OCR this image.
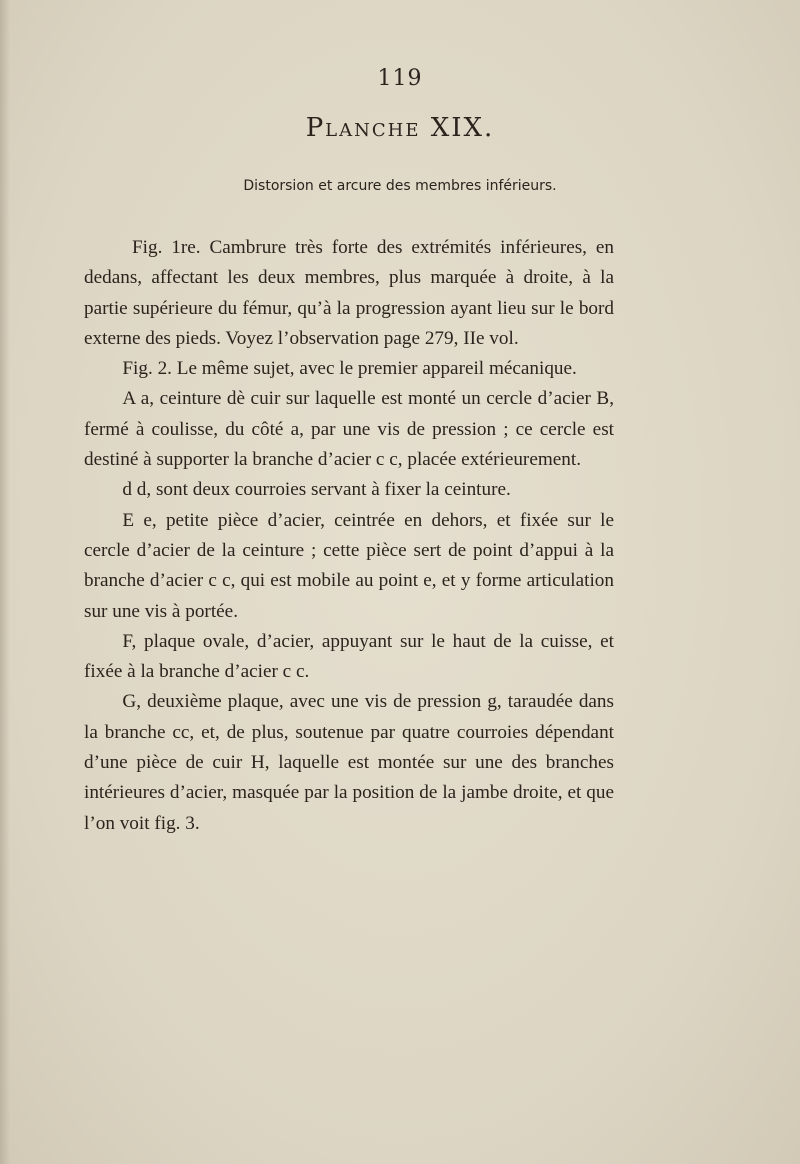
119
Planche XIX.
Distorsion et arcure des membres inférieurs.

Fig. 1re. Cambrure très forte des extrémités inférieures, en dedans, affectant les deux membres, plus marquée à droite, à la partie supérieure du fémur, qu’à la progression ayant lieu sur le bord externe des pieds. Voyez l’observation page 279, IIe vol.

Fig. 2. Le même sujet, avec le premier appareil mécanique.

A a, ceinture dè cuir sur laquelle est monté un cercle d’acier B, fermé à coulisse, du côté a, par une vis de pression ; ce cercle est destiné à supporter la branche d’acier c c, placée extérieurement.

d d, sont deux courroies servant à fixer la ceinture.

E e, petite pièce d’acier, ceintrée en dehors, et fixée sur le cercle d’acier de la ceinture ; cette pièce sert de point d’appui à la branche d’acier c c, qui est mobile au point e, et y forme articulation sur une vis à portée.

F, plaque ovale, d’acier, appuyant sur le haut de la cuisse, et fixée à la branche d’acier c c.

G, deuxième plaque, avec une vis de pression g, taraudée dans la branche cc, et, de plus, soutenue par quatre courroies dépendant d’une pièce de cuir H, laquelle est montée sur une des branches intérieures d’acier, masquée par la position de la jambe droite, et que l’on voit fig. 3.
